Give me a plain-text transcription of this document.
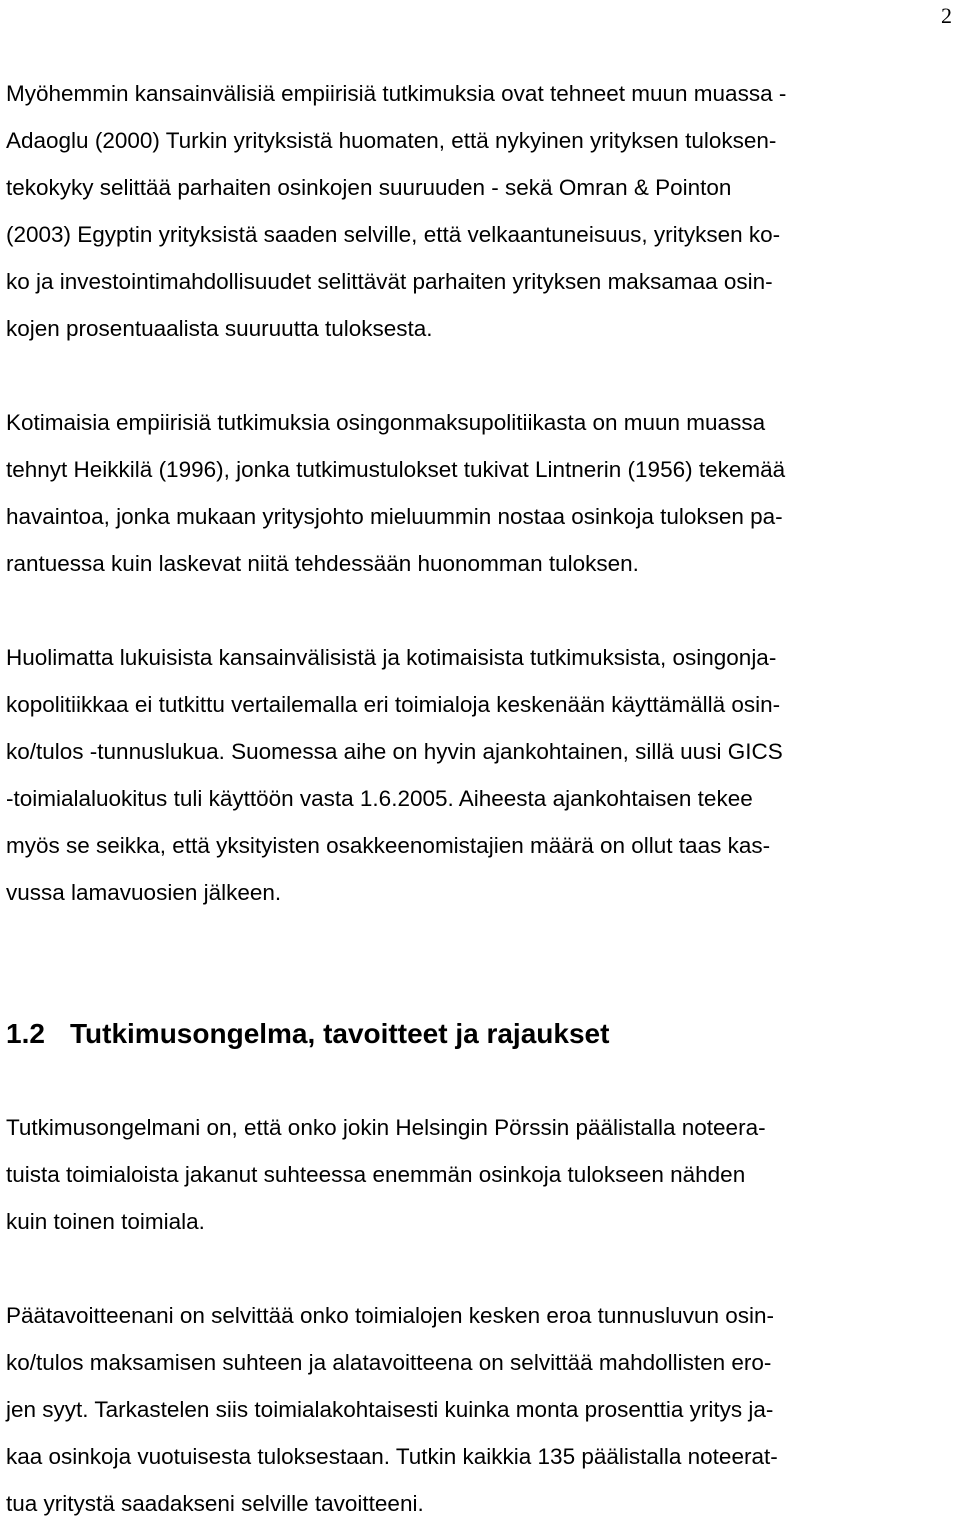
2

Myöhemmin kansainvälisiä empiirisiä tutkimuksia ovat tehneet muun muassa -
Adaoglu (2000) Turkin yrityksistä huomaten, että nykyinen yrityksen tuloksen-
tekokyky selittää parhaiten osinkojen suuruuden - sekä Omran & Pointon
(2003) Egyptin yrityksistä saaden selville, että velkaantuneisuus, yrityksen ko-
ko ja investointimahdollisuudet selittävät parhaiten yrityksen maksamaa osin-
kojen prosentuaalista suuruutta tuloksesta.

Kotimaisia empiirisiä tutkimuksia osingonmaksupolitiikasta on muun muassa
tehnyt Heikkilä (1996), jonka tutkimustulokset tukivat Lintnerin (1956) tekemää
havaintoa, jonka mukaan yritysjohto mieluummin nostaa osinkoja tuloksen pa-
rantuessa kuin laskevat niitä tehdessään huonomman tuloksen.

Huolimatta lukuisista kansainvälisistä ja kotimaisista tutkimuksista, osingonja-
kopolitiikkaa ei tutkittu vertailemalla eri toimialoja keskenään käyttämällä osin-
ko/tulos -tunnuslukua. Suomessa aihe on hyvin ajankohtainen, sillä uusi GICS
-toimialaluokitus tuli käyttöön vasta 1.6.2005. Aiheesta ajankohtaisen tekee
myös se seikka, että yksityisten osakkeenomistajien määrä on ollut taas kas-
vussa lamavuosien jälkeen.

1.2 Tutkimusongelma, tavoitteet ja rajaukset

Tutkimusongelmani on, että onko jokin Helsingin Pörssin päälistalla noteera-
tuista toimialoista jakanut suhteessa enemmän osinkoja tulokseen nähden
kuin toinen toimiala.

Päätavoitteenani on selvittää onko toimialojen kesken eroa tunnusluvun osin-
ko/tulos maksamisen suhteen ja alatavoitteena on selvittää mahdollisten ero-
jen syyt. Tarkastelen siis toimialakohtaisesti kuinka monta prosenttia yritys ja-
kaa osinkoja vuotuisesta tuloksestaan. Tutkin kaikkia 135 päälistalla noteerat-
tua yritystä saadakseni selville tavoitteeni.
